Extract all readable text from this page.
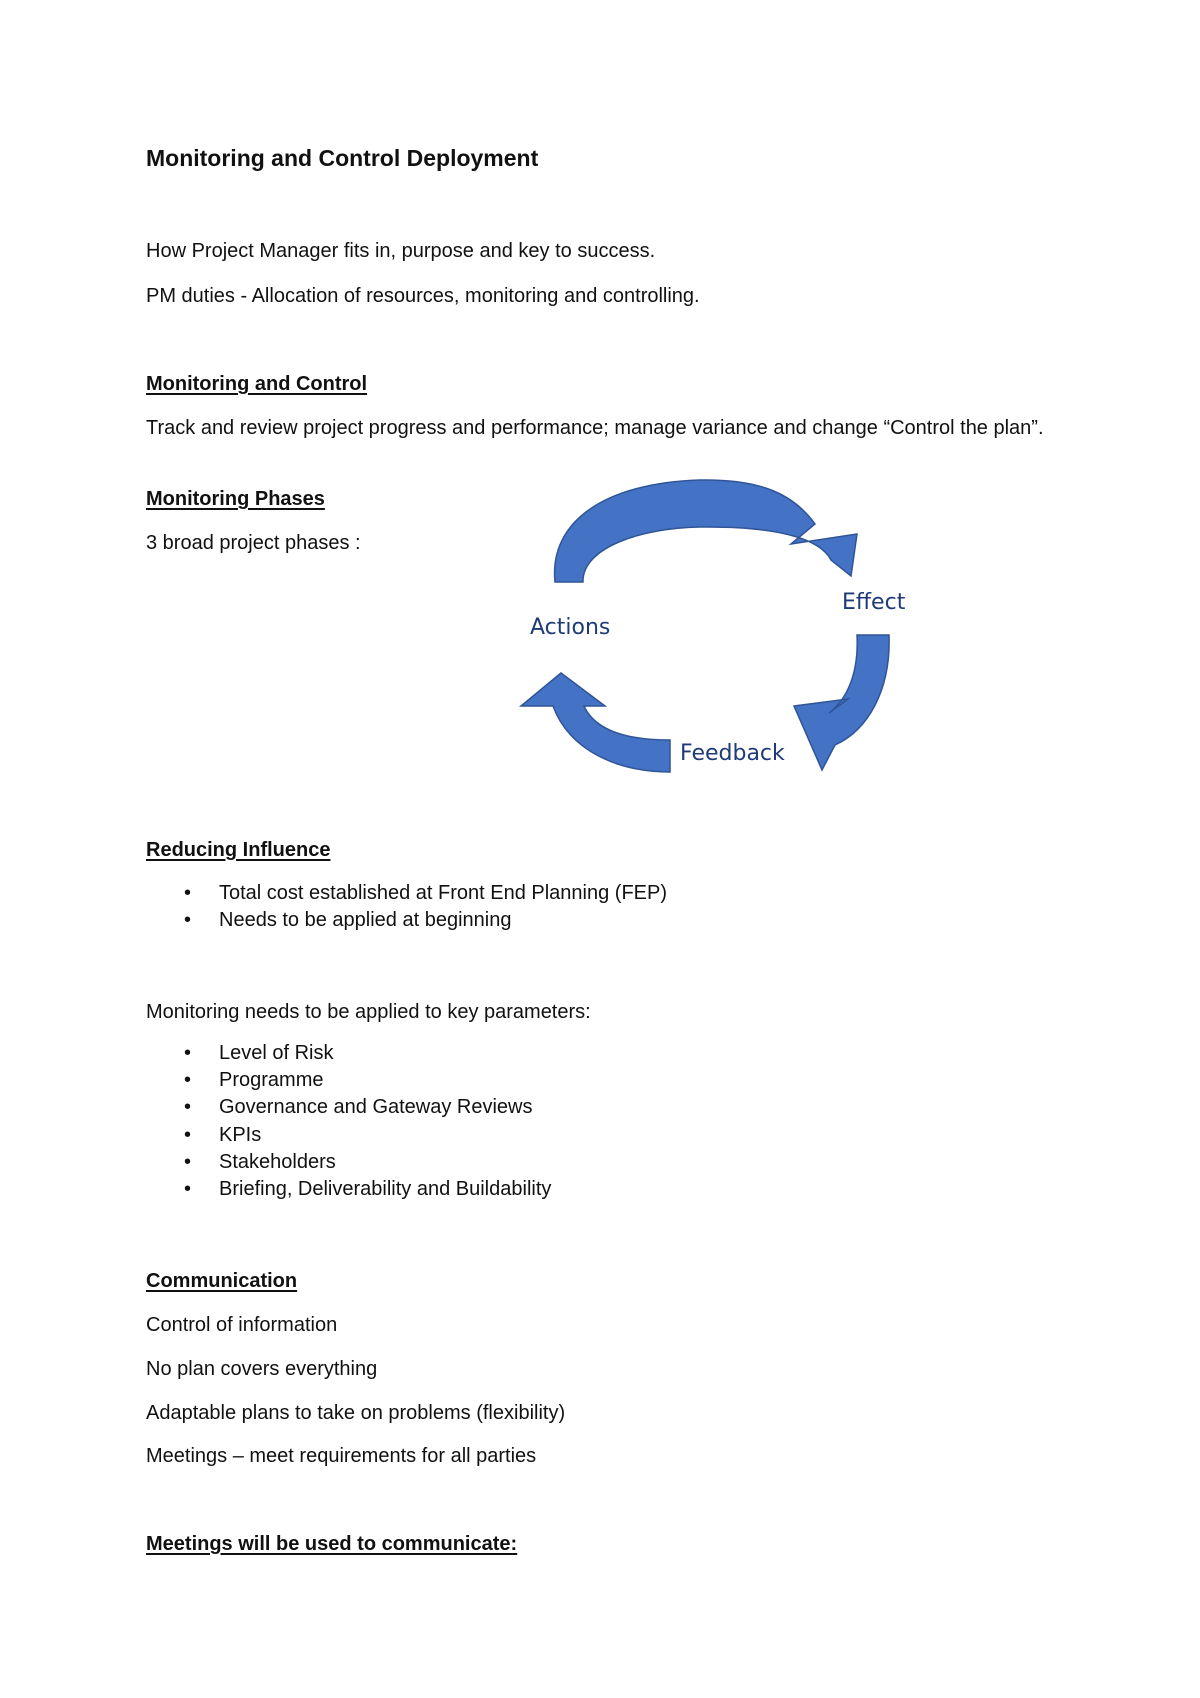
Monitoring and Control Deployment

How Project Manager fits in, purpose and key to success.

PM duties - Allocation of resources, monitoring and controlling.

Monitoring and Control

Track and review project progress and performance; manage variance and change “Control the plan”.

Monitoring Phases

3 broad project phases :

Actions
Effect
Feedback
Reducing Influence
• Total cost established at Front End Planning (FEP)
• Needs to be applied at beginning

Monitoring needs to be applied to key parameters:

• Level of Risk
• Programme
• Governance and Gateway Reviews
• KPIs
• Stakeholders
• Briefing, Deliverability and Buildability
Communication

Control of information

No plan covers everything

Adaptable plans to take on problems (flexibility)

Meetings – meet requirements for all parties

Meetings will be used to communicate:
